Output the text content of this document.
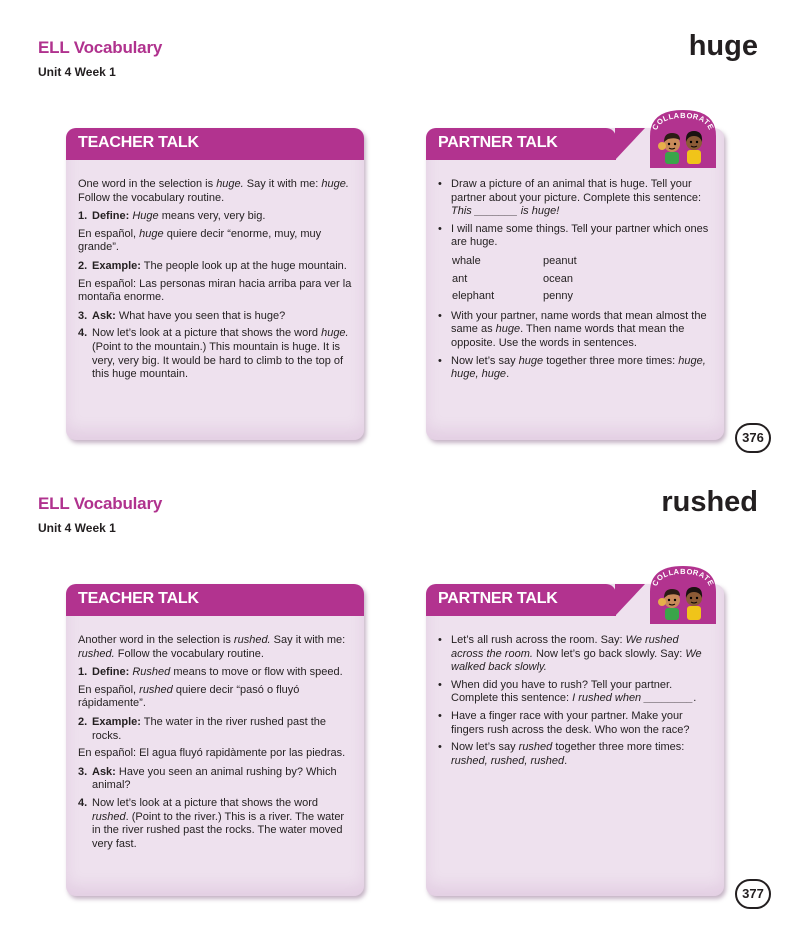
ELL Vocabulary
Unit 4 Week 1
huge
TEACHER TALK

One word in the selection is huge. Say it with me: huge. Follow the vocabulary routine.

1. Define: Huge means very, very big.

En español, huge quiere decir “enorme, muy, muy grande”.

2. Example: The people look up at the huge mountain.

En español: Las personas miran hacia arriba para ver la montaña enorme.

3. Ask: What have you seen that is huge?
4. Now let’s look at a picture that shows the word huge. (Point to the mountain.) This mountain is huge. It is very, very big. It would be hard to climb to the top of this huge mountain.
PARTNER TALK
COLLABORATE
• Draw a picture of an animal that is huge. Tell your partner about your picture. Complete this sentence: This _______ is huge!
• I will name some things. Tell your partner which ones are huge.
whale	peanut
ant	ocean
elephant	penny
• With your partner, name words that mean almost the same as huge. Then name words that mean the opposite. Use the words in sentences.
• Now let’s say huge together three more times: huge, huge, huge.
376
ELL Vocabulary
Unit 4 Week 1
rushed
TEACHER TALK

Another word in the selection is rushed. Say it with me: rushed. Follow the vocabulary routine.

1. Define: Rushed means to move or flow with speed.

En español, rushed quiere decir “pasó o fluyó rápidamente”.

2. Example: The water in the river rushed past the rocks.

En español: El agua fluyó rapidàmente por las piedras.

3. Ask: Have you seen an animal rushing by? Which animal?
4. Now let’s look at a picture that shows the word rushed. (Point to the river.) This is a river. The water in the river rushed past the rocks. The water moved very fast.
PARTNER TALK
COLLABORATE
• Let’s all rush across the room. Say: We rushed across the room. Now let’s go back slowly. Say: We walked back slowly.
• When did you have to rush? Tell your partner. Complete this sentence: I rushed when ________.
• Have a finger race with your partner. Make your fingers rush across the desk. Who won the race?
• Now let’s say rushed together three more times: rushed, rushed, rushed.
377
